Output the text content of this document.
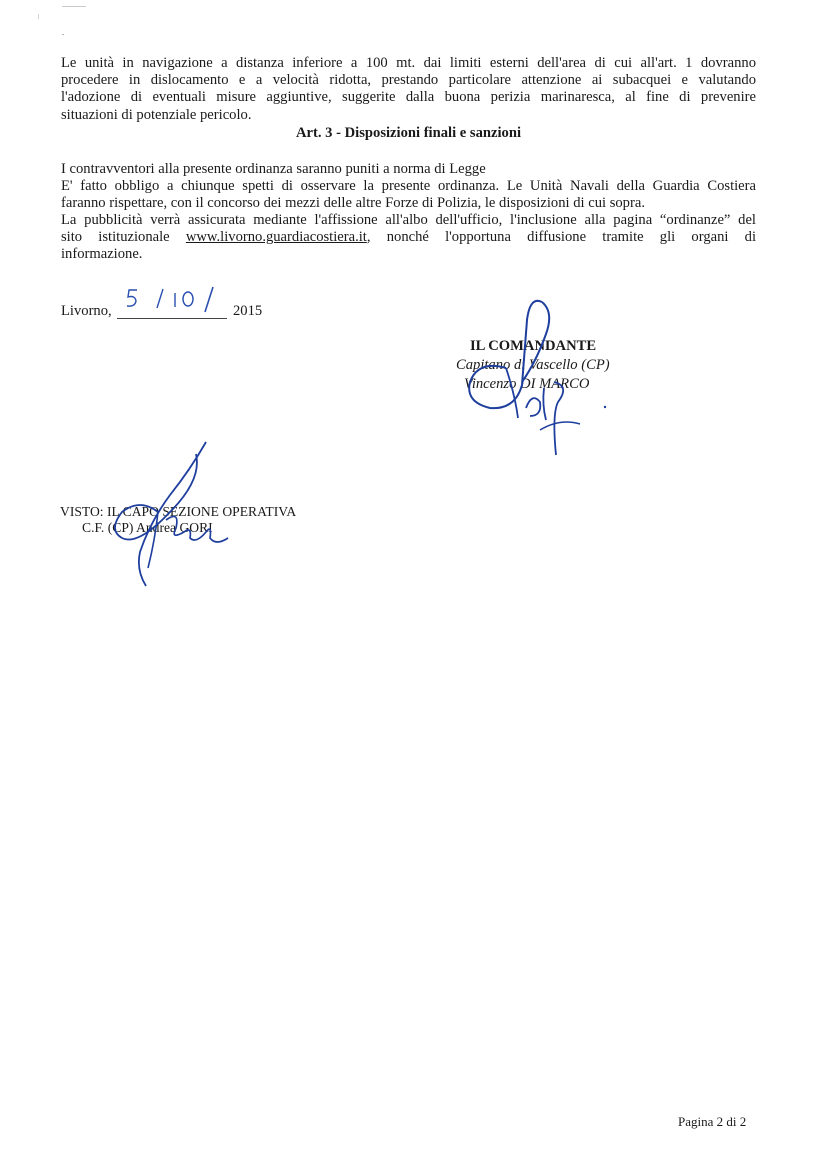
Le unità in navigazione a distanza inferiore a 100 mt. dai limiti esterni dell'area di cui all'art. 1 dovranno
procedere in dislocamento e a velocità ridotta, prestando particolare attenzione ai subacquei e valutando
l'adozione di eventuali misure aggiuntive, suggerite dalla buona perizia marinaresca, al fine di prevenire
situazioni di potenziale pericolo.
Art. 3 - Disposizioni finali e sanzioni
I contravventori alla presente ordinanza saranno puniti a norma di Legge
E' fatto obbligo a chiunque spetti di osservare la presente ordinanza. Le Unità Navali della Guardia Costiera
faranno rispettare, con il concorso dei mezzi delle altre Forze di Polizia, le disposizioni di cui sopra.
La pubblicità verrà assicurata mediante l'affissione all'albo dell'ufficio, l'inclusione alla pagina “ordinanze” del
sito istituzionale www.livorno.guardiacostiera.it, nonché l'opportuna diffusione tramite gli organi di
informazione.
Livorno,	2015
IL COMANDANTE
Capitano di Vascello (CP)
Vincenzo DI MARCO
VISTO: IL CAPO SEZIONE OPERATIVA
C.F. (CP) Andrea GORI
Pagina 2 di 2
